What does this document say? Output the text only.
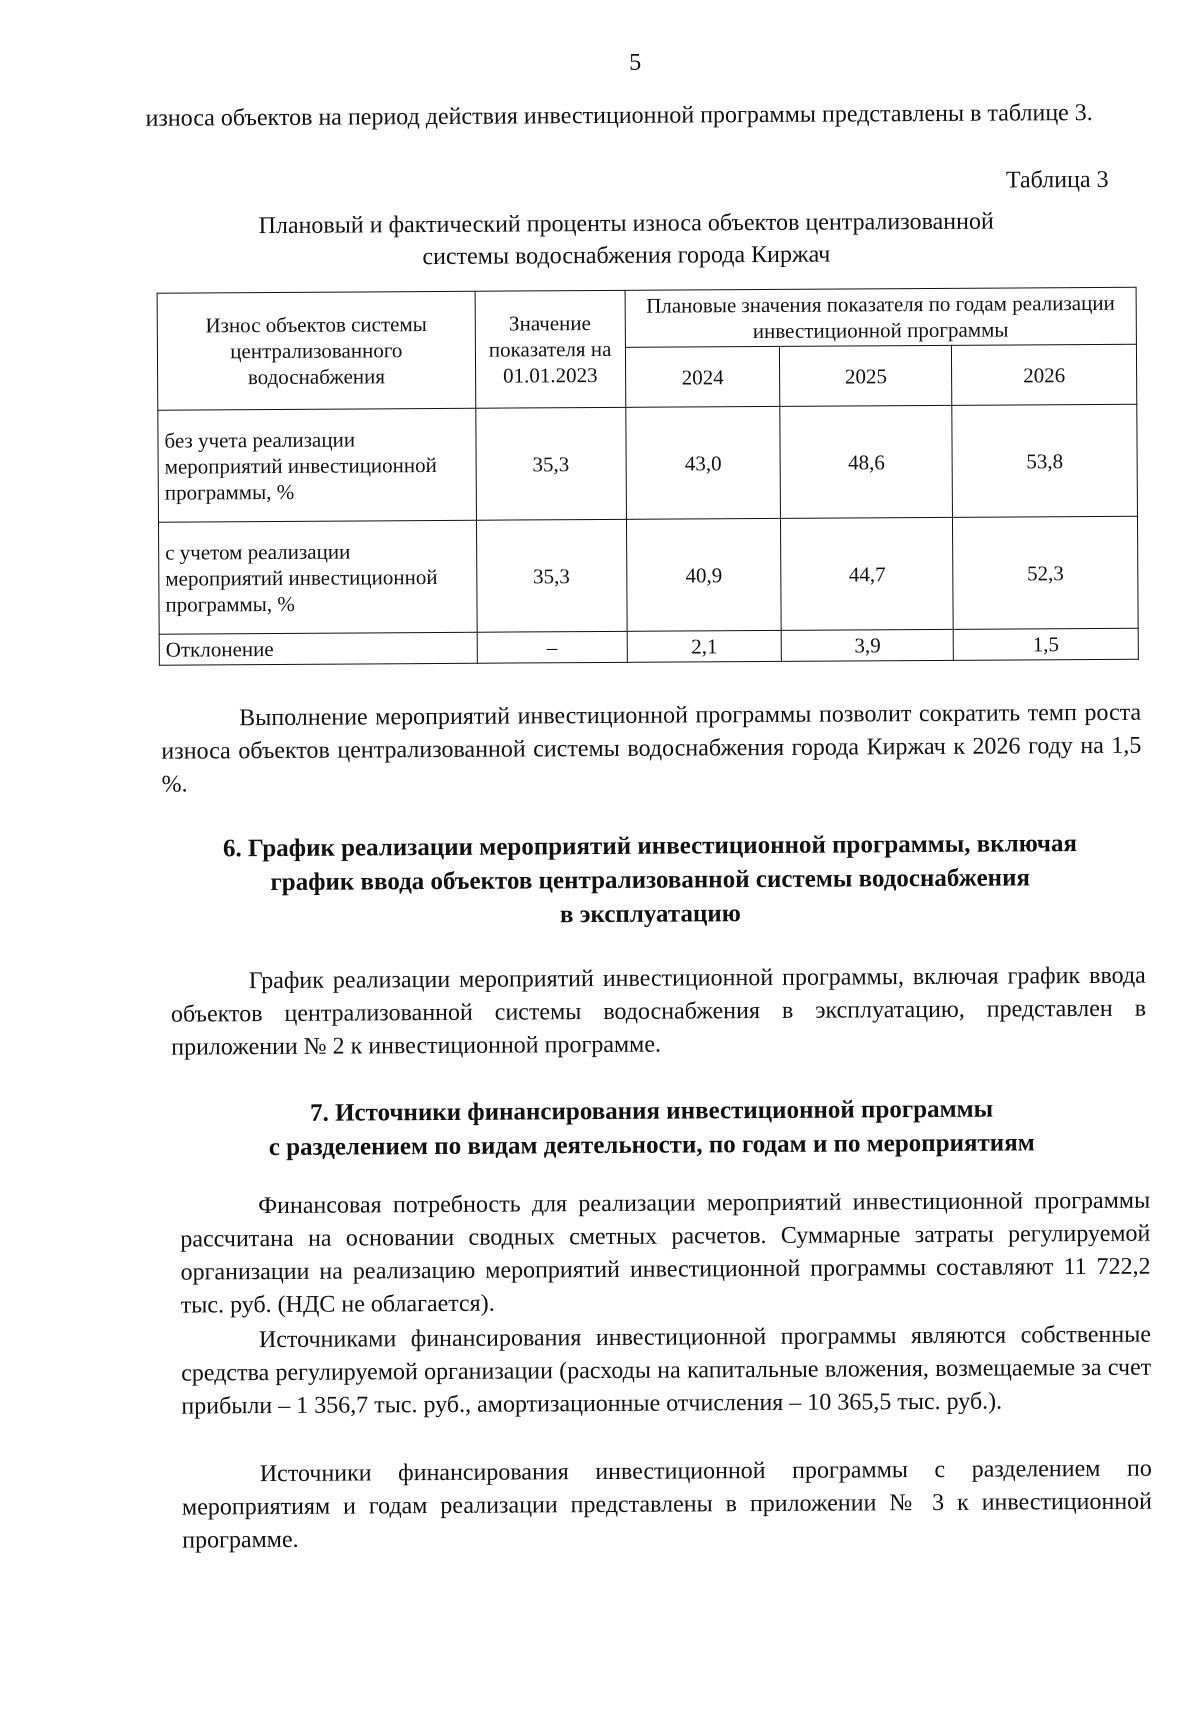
5
износа объектов на период действия инвестиционной программы представлены в таблице 3.
Таблица 3
Плановый и фактический проценты износа объектов централизованной
системы водоснабжения города Киржач
Износ объектов системы централизованного водоснабжения	Значение показателя на 01.01.2023	Плановые значения показателя по годам реализации инвестиционной программы		
		2024	2025	2026
без учета реализации мероприятий инвестиционной программы, %	35,3	43,0	48,6	53,8
с учетом реализации мероприятий инвестиционной программы, %	35,3	40,9	44,7	52,3
Отклонение	–	2,1	3,9	1,5
Выполнение мероприятий инвестиционной программы позволит сократить темп роста износа объектов централизованной системы водоснабжения города Киржач к 2026 году на 1,5 %.
6. График реализации мероприятий инвестиционной программы, включая
график ввода объектов централизованной системы водоснабжения
в эксплуатацию
График реализации мероприятий инвестиционной программы, включая график ввода объектов централизованной системы водоснабжения в эксплуатацию, представлен в приложении № 2 к инвестиционной программе.
7. Источники финансирования инвестиционной программы
с разделением по видам деятельности, по годам и по мероприятиям
Финансовая потребность для реализации мероприятий инвестиционной программы рассчитана на основании сводных сметных расчетов. Суммарные затраты регулируемой организации на реализацию мероприятий инвестиционной программы составляют 11 722,2 тыс. руб. (НДС не облагается).
Источниками финансирования инвестиционной программы являются собственные средства регулируемой организации (расходы на капитальные вложения, возмещаемые за счет прибыли – 1 356,7 тыс. руб., амортизационные отчисления – 10 365,5 тыс. руб.).
Источники финансирования инвестиционной программы с разделением по мероприятиям и годам реализации представлены в приложении № 3 к инвестиционной программе.
